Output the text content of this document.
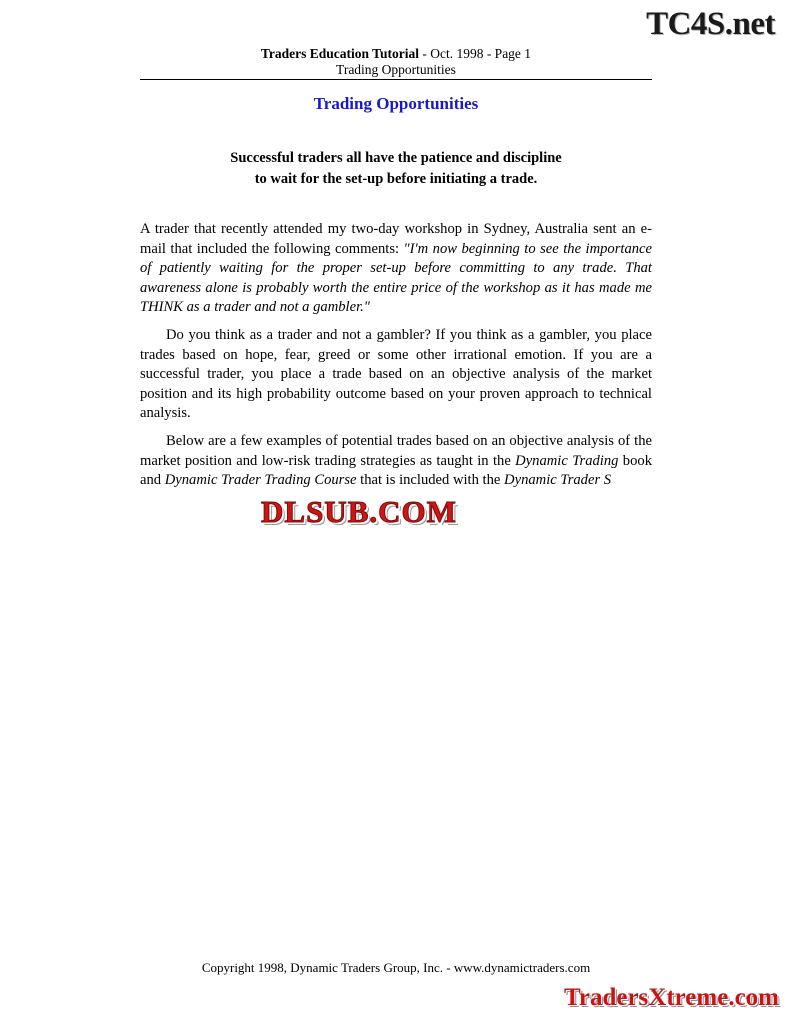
TC4S.net
Traders Education Tutorial - Oct. 1998 - Page 1
Trading Opportunities
Trading Opportunities
Successful traders all have the patience and discipline
to wait for the set-up before initiating a trade.

A trader that recently attended my two-day workshop in Sydney, Australia sent an e-mail that included the following comments: "I'm now beginning to see the importance of patiently waiting for the proper set-up before committing to any trade. That awareness alone is probably worth the entire price of the workshop as it has made me THINK as a trader and not a gambler."

Do you think as a trader and not a gambler? If you think as a gambler, you place trades based on hope, fear, greed or some other irrational emotion. If you are a successful trader, you place a trade based on an objective analysis of the market position and its high probability outcome based on your proven approach to technical analysis.

Below are a few examples of potential trades based on an objective analysis of the market position and low-risk trading strategies as taught in the Dynamic Trading book and Dynamic Trader Trading Course that is included with the Dynamic Trader S

DLSUB.COM
Copyright 1998, Dynamic Traders Group, Inc. - www.dynamictraders.com
TradersXtreme.com
